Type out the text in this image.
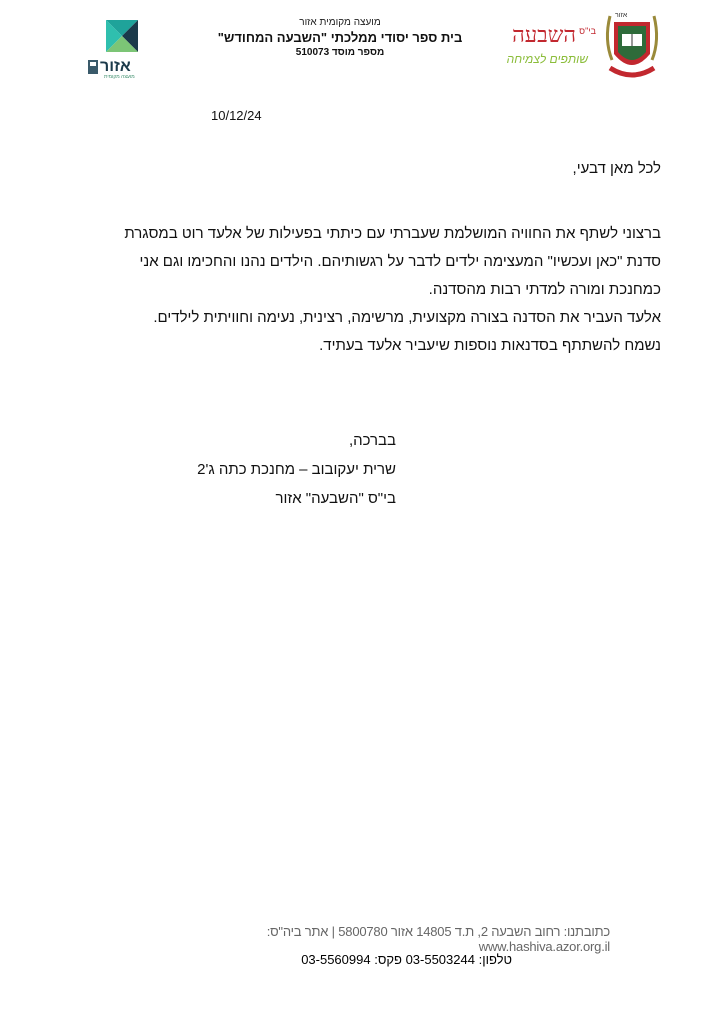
מועצה מקומית אזור
בית ספר יסודי ממלכתי "השבעה המחודש"
מספר מוסד 510073
אזור
מועצה מקומית
בי"ס
השבעה
שותפים לצמיחה
אזור
10/12/24
לכל מאן דבעי,

ברצוני לשתף את החוויה המושלמת שעברתי עם כיתתי בפעילות של אלעד רוט במסגרת

סדנת "כאן ועכשיו" המעצימה ילדים לדבר על רגשותיהם. הילדים נהנו והחכימו וגם אני

כמחנכת ומורה למדתי רבות מהסדנה.

אלעד העביר את הסדנה בצורה מקצועית, מרשימה, רצינית, נעימה וחוויתית לילדים.

נשמח להשתתף בסדנאות נוספות שיעביר אלעד בעתיד.

בברכה,

שרית יעקובוב – מחנכת כתה ג'2

בי"ס "השבעה" אזור

כתובתנו: רחוב השבעה 2, ת.ד 14805 אזור 5800780 | אתר ביה"ס: www.hashiva.azor.org.il
טלפון: 03-5503244 פקס: 03-5560994
